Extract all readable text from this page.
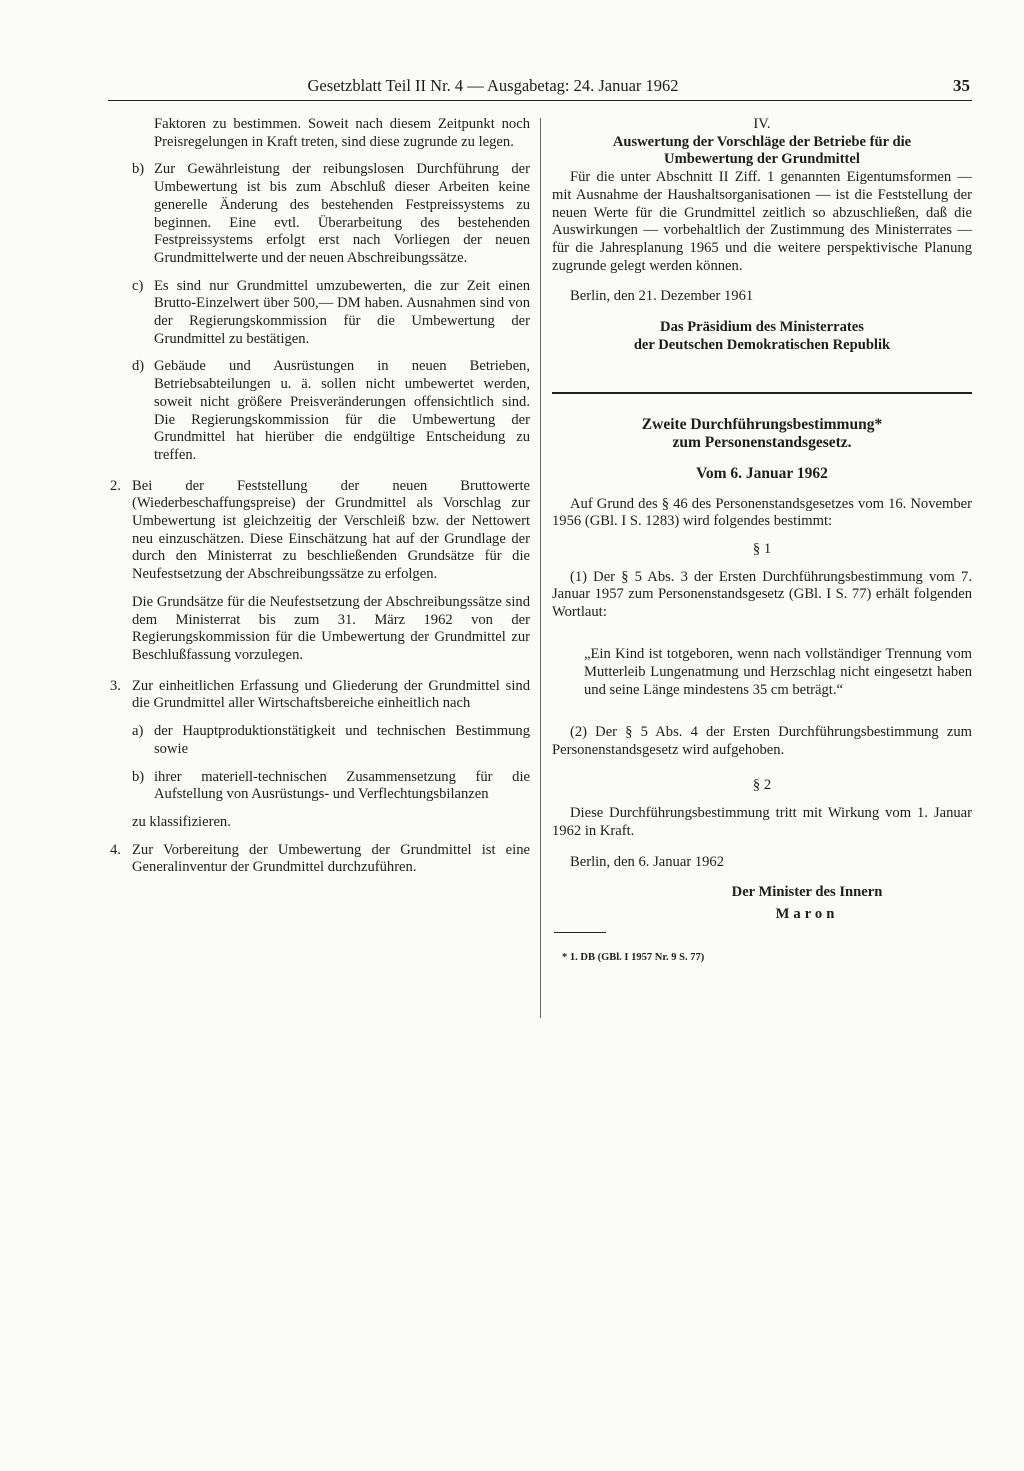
Gesetzblatt Teil II Nr. 4 — Ausgabetag: 24. Januar 1962	35

Faktoren zu bestimmen. Soweit nach diesem Zeitpunkt noch Preisregelungen in Kraft treten, sind diese zugrunde zu legen.

b) Zur Gewährleistung der reibungslosen Durchführung der Umbewertung ist bis zum Abschluß dieser Arbeiten keine generelle Änderung des bestehenden Festpreissystems zu beginnen. Eine evtl. Überarbeitung des bestehenden Festpreissystems erfolgt erst nach Vorliegen der neuen Grundmittelwerte und der neuen Abschreibungssätze.
c) Es sind nur Grundmittel umzubewerten, die zur Zeit einen Brutto-Einzelwert über 500,— DM haben. Ausnahmen sind von der Regierungskommission für die Umbewertung der Grundmittel zu bestätigen.
d) Gebäude und Ausrüstungen in neuen Betrieben, Betriebsabteilungen u. ä. sollen nicht umbewertet werden, soweit nicht größere Preisveränderungen offensichtlich sind. Die Regierungskommission für die Umbewertung der Grundmittel hat hierüber die endgültige Entscheidung zu treffen.
2. Bei der Feststellung der neuen Bruttowerte (Wiederbeschaffungspreise) der Grundmittel als Vorschlag zur Umbewertung ist gleichzeitig der Verschleiß bzw. der Nettowert neu einzuschätzen. Diese Einschätzung hat auf der Grundlage der durch den Ministerrat zu beschließenden Grundsätze für die Neufestsetzung der Abschreibungssätze zu erfolgen.
Die Grundsätze für die Neufestsetzung der Abschreibungssätze sind dem Ministerrat bis zum 31. März 1962 von der Regierungskommission für die Umbewertung der Grundmittel zur Beschlußfassung vorzulegen.
3. Zur einheitlichen Erfassung und Gliederung der Grundmittel sind die Grundmittel aller Wirtschaftsbereiche einheitlich nach
a) der Hauptproduktionstätigkeit und technischen Bestimmung sowie
b) ihrer materiell-technischen Zusammensetzung für die Aufstellung von Ausrüstungs- und Verflechtungsbilanzen

zu klassifizieren.

4. Zur Vorbereitung der Umbewertung der Grundmittel ist eine Generalinventur der Grundmittel durchzuführen.

IV.

Auswertung der Vorschläge der Betriebe für die Umbewertung der Grundmittel

Für die unter Abschnitt II Ziff. 1 genannten Eigentumsformen — mit Ausnahme der Haushaltsorganisationen — ist die Feststellung der neuen Werte für die Grundmittel zeitlich so abzuschließen, daß die Auswirkungen — vorbehaltlich der Zustimmung des Ministerrates — für die Jahresplanung 1965 und die weitere perspektivische Planung zugrunde gelegt werden können.

Berlin, den 21. Dezember 1961

Das Präsidium des Ministerrates

der Deutschen Demokratischen Republik

Zweite Durchführungsbestimmung*

zum Personenstandsgesetz.

Vom 6. Januar 1962

Auf Grund des § 46 des Personenstandsgesetzes vom 16. November 1956 (GBl. I S. 1283) wird folgendes bestimmt:

§ 1

(1) Der § 5 Abs. 3 der Ersten Durchführungsbestimmung vom 7. Januar 1957 zum Personenstandsgesetz (GBl. I S. 77) erhält folgenden Wortlaut:

„Ein Kind ist totgeboren, wenn nach vollständiger Trennung vom Mutterleib Lungenatmung und Herzschlag nicht eingesetzt haben und seine Länge mindestens 35 cm beträgt.“

(2) Der § 5 Abs. 4 der Ersten Durchführungsbestimmung zum Personenstandsgesetz wird aufgehoben.

§ 2

Diese Durchführungsbestimmung tritt mit Wirkung vom 1. Januar 1962 in Kraft.

Berlin, den 6. Januar 1962

Der Minister des Innern

Maron

* 1. DB (GBl. I 1957 Nr. 9 S. 77)
